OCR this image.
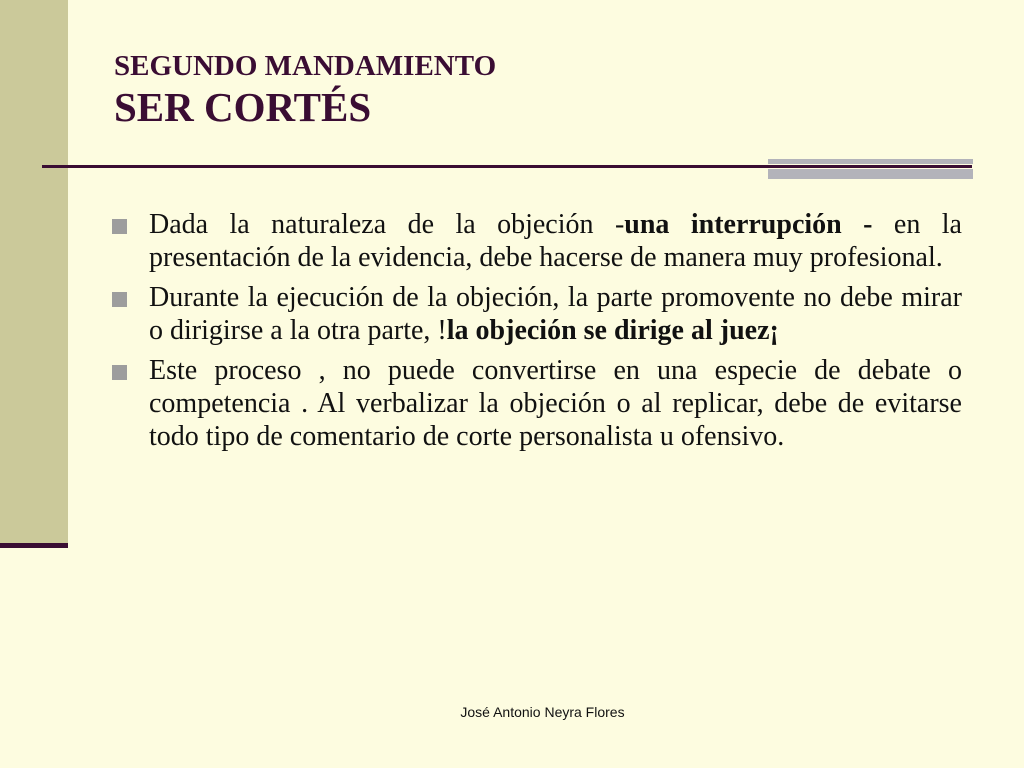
SEGUNDO MANDAMIENTO
SER CORTÉS
Dada la naturaleza de la objeción -una interrupción - en la presentación de la evidencia, debe hacerse de manera muy profesional.
Durante la ejecución de la objeción, la parte promovente no debe mirar o dirigirse a la otra parte, !la objeción se dirige al juez¡
Este proceso , no puede convertirse en una especie de debate o competencia . Al verbalizar la objeción o al replicar, debe de evitarse todo tipo de comentario de corte personalista u ofensivo.
José Antonio Neyra Flores
